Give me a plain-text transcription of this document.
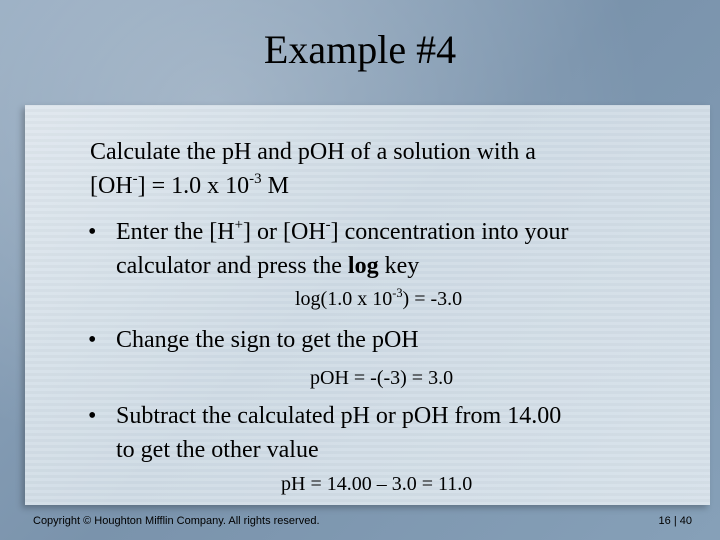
Example #4
Calculate the pH and pOH of a solution with a
[OH-] = 1.0 x $10^{-3}$ M
• Enter the [H+] or [OH-] concentration into your
calculator and press the log key
log(1.0 x $10^{-3}) = -3.0$
• Change the sign to get the pOH
pOH = -(-3) = 3.0
• Subtract the calculated pH or pOH from 14.00
to get the other value
pH = 14.00 – 3.0 = 11.0
Copyright © Houghton Mifflin Company. All rights reserved.	16 | 40
